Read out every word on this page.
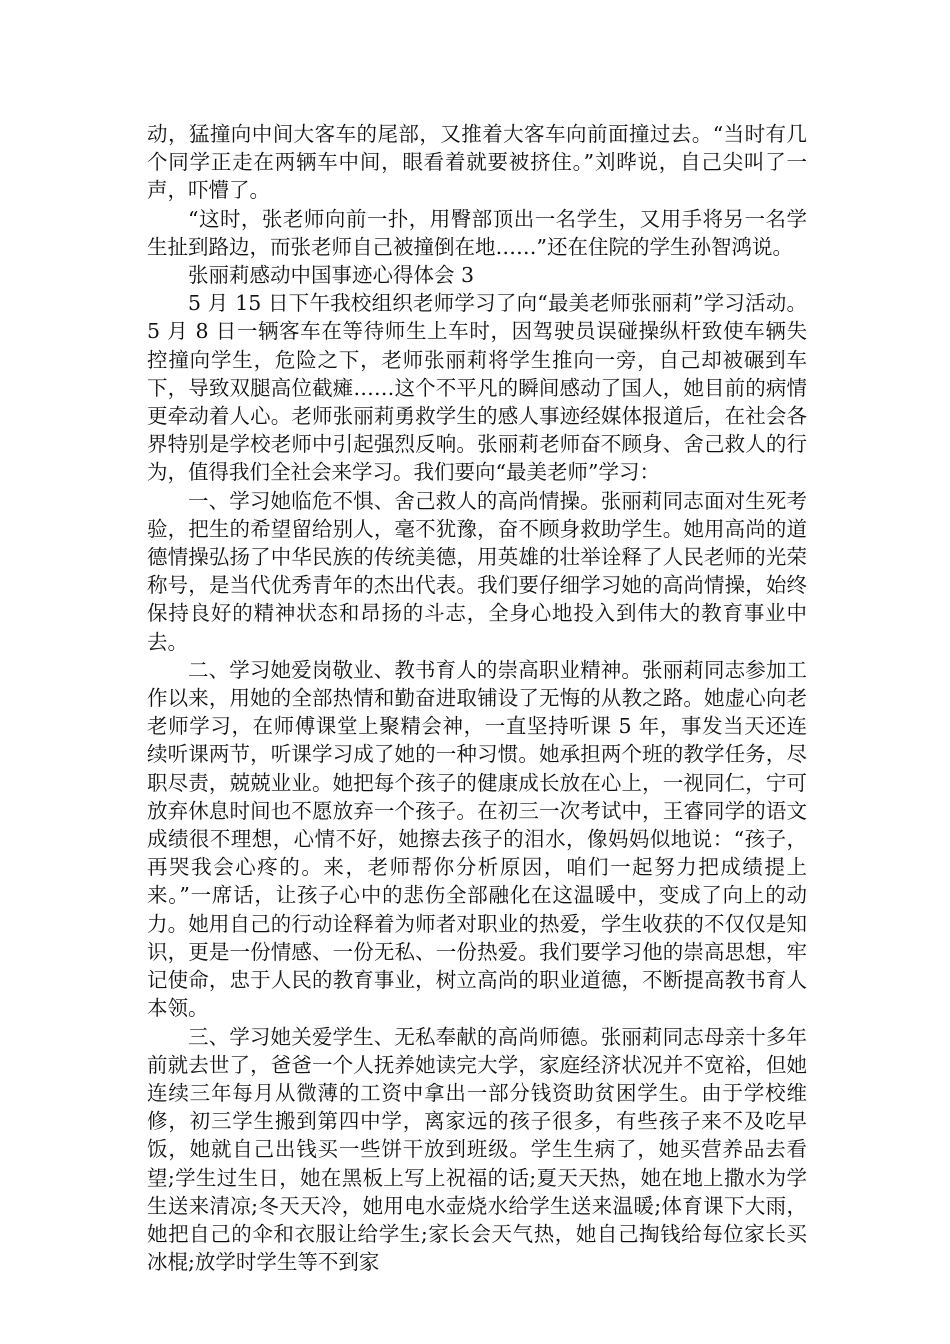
动，猛撞向中间大客车的尾部，又推着大客车向前面撞过去。“当时有几个同学正走在两辆车中间，眼看着就要被挤住。”刘晔说，自己尖叫了一声，吓懵了。

“这时，张老师向前一扑，用臀部顶出一名学生，又用手将另一名学生扯到路边，而张老师自己被撞倒在地……”还在住院的学生孙智鸿说。

张丽莉感动中国事迹心得体会 3

5 月 15 日下午我校组织老师学习了向“最美老师张丽莉”学习活动。5 月 8 日一辆客车在等待师生上车时，因驾驶员误碰操纵杆致使车辆失控撞向学生，危险之下，老师张丽莉将学生推向一旁，自己却被碾到车下，导致双腿高位截瘫……这个不平凡的瞬间感动了国人，她目前的病情更牵动着人心。老师张丽莉勇救学生的感人事迹经媒体报道后，在社会各界特别是学校老师中引起强烈反响。张丽莉老师奋不顾身、舍己救人的行为，值得我们全社会来学习。我们要向“最美老师”学习：

一、学习她临危不惧、舍己救人的高尚情操。张丽莉同志面对生死考验，把生的希望留给别人，毫不犹豫，奋不顾身救助学生。她用高尚的道德情操弘扬了中华民族的传统美德，用英雄的壮举诠释了人民老师的光荣称号，是当代优秀青年的杰出代表。我们要仔细学习她的高尚情操，始终保持良好的精神状态和昂扬的斗志，全身心地投入到伟大的教育事业中去。

二、学习她爱岗敬业、教书育人的崇高职业精神。张丽莉同志参加工作以来，用她的全部热情和勤奋进取铺设了无悔的从教之路。她虚心向老老师学习，在师傅课堂上聚精会神，一直坚持听课 5 年，事发当天还连续听课两节，听课学习成了她的一种习惯。她承担两个班的教学任务，尽职尽责，兢兢业业。她把每个孩子的健康成长放在心上，一视同仁，宁可放弃休息时间也不愿放弃一个孩子。在初三一次考试中，王睿同学的语文成绩很不理想，心情不好，她擦去孩子的泪水，像妈妈似地说：“孩子，再哭我会心疼的。来，老师帮你分析原因，咱们一起努力把成绩提上来。”一席话，让孩子心中的悲伤全部融化在这温暖中，变成了向上的动力。她用自己的行动诠释着为师者对职业的热爱，学生收获的不仅仅是知识，更是一份情感、一份无私、一份热爱。我们要学习他的崇高思想，牢记使命，忠于人民的教育事业，树立高尚的职业道德，不断提高教书育人本领。

三、学习她关爱学生、无私奉献的高尚师德。张丽莉同志母亲十多年前就去世了，爸爸一个人抚养她读完大学，家庭经济状况并不宽裕，但她连续三年每月从微薄的工资中拿出一部分钱资助贫困学生。由于学校维修，初三学生搬到第四中学，离家远的孩子很多，有些孩子来不及吃早饭，她就自己出钱买一些饼干放到班级。学生生病了，她买营养品去看望;学生过生日，她在黑板上写上祝福的话;夏天天热，她在地上撒水为学生送来清凉;冬天天冷，她用电水壶烧水给学生送来温暖;体育课下大雨，她把自己的伞和衣服让给学生;家长会天气热，她自己掏钱给每位家长买冰棍;放学时学生等不到家
